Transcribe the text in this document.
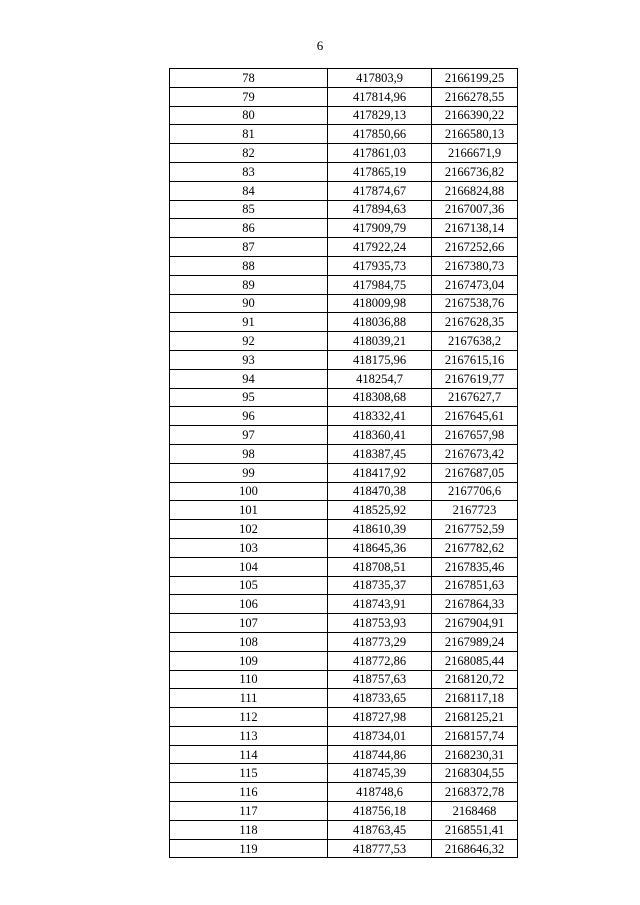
6
78	417803,9	2166199,25
79	417814,96	2166278,55
80	417829,13	2166390,22
81	417850,66	2166580,13
82	417861,03	2166671,9
83	417865,19	2166736,82
84	417874,67	2166824,88
85	417894,63	2167007,36
86	417909,79	2167138,14
87	417922,24	2167252,66
88	417935,73	2167380,73
89	417984,75	2167473,04
90	418009,98	2167538,76
91	418036,88	2167628,35
92	418039,21	2167638,2
93	418175,96	2167615,16
94	418254,7	2167619,77
95	418308,68	2167627,7
96	418332,41	2167645,61
97	418360,41	2167657,98
98	418387,45	2167673,42
99	418417,92	2167687,05
100	418470,38	2167706,6
101	418525,92	2167723
102	418610,39	2167752,59
103	418645,36	2167782,62
104	418708,51	2167835,46
105	418735,37	2167851,63
106	418743,91	2167864,33
107	418753,93	2167904,91
108	418773,29	2167989,24
109	418772,86	2168085,44
110	418757,63	2168120,72
111	418733,65	2168117,18
112	418727,98	2168125,21
113	418734,01	2168157,74
114	418744,86	2168230,31
115	418745,39	2168304,55
116	418748,6	2168372,78
117	418756,18	2168468
118	418763,45	2168551,41
119	418777,53	2168646,32
